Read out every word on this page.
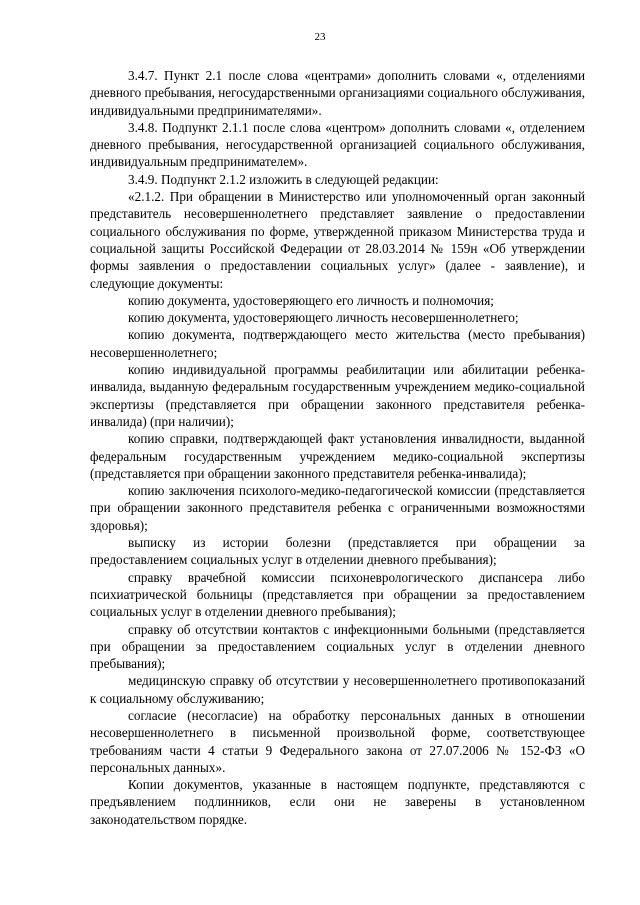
23

3.4.7. Пункт 2.1 после слова «центрами» дополнить словами «, отделениями дневного пребывания, негосударственными организациями социального обслуживания, индивидуальными предпринимателями».

3.4.8. Подпункт 2.1.1 после слова «центром» дополнить словами «, отделением дневного пребывания, негосударственной организацией социального обслуживания, индивидуальным предпринимателем».

3.4.9. Подпункт 2.1.2 изложить в следующей редакции:

«2.1.2. При обращении в Министерство или уполномоченный орган законный представитель несовершеннолетнего представляет заявление о предоставлении социального обслуживания по форме, утвержденной приказом Министерства труда и социальной защиты Российской Федерации от 28.03.2014 № 159н «Об утверждении формы заявления о предоставлении социальных услуг» (далее - заявление), и следующие документы:

копию документа, удостоверяющего его личность и полномочия;

копию документа, удостоверяющего личность несовершеннолетнего;

копию документа, подтверждающего место жительства (место пребывания) несовершеннолетнего;

копию индивидуальной программы реабилитации или абилитации ребенка-инвалида, выданную федеральным государственным учреждением медико-социальной экспертизы (представляется при обращении законного представителя ребенка-инвалида) (при наличии);

копию справки, подтверждающей факт установления инвалидности, выданной федеральным государственным учреждением медико-социальной экспертизы (представляется при обращении законного представителя ребенка-инвалида);

копию заключения психолого-медико-педагогической комиссии (представляется при обращении законного представителя ребенка с ограниченными возможностями здоровья);

выписку из истории болезни (представляется при обращении за предоставлением социальных услуг в отделении дневного пребывания);

справку врачебной комиссии психоневрологического диспансера либо психиатрической больницы (представляется при обращении за предоставлением социальных услуг в отделении дневного пребывания);

справку об отсутствии контактов с инфекционными больными (представляется при обращении за предоставлением социальных услуг в отделении дневного пребывания);

медицинскую справку об отсутствии у несовершеннолетнего противопоказаний к социальному обслуживанию;

согласие (несогласие) на обработку персональных данных в отношении несовершеннолетнего в письменной произвольной форме, соответствующее требованиям части 4 статьи 9 Федерального закона от 27.07.2006 № 152-ФЗ «О персональных данных».

Копии документов, указанные в настоящем подпункте, представляются с предъявлением подлинников, если они не заверены в установленном законодательством порядке.
